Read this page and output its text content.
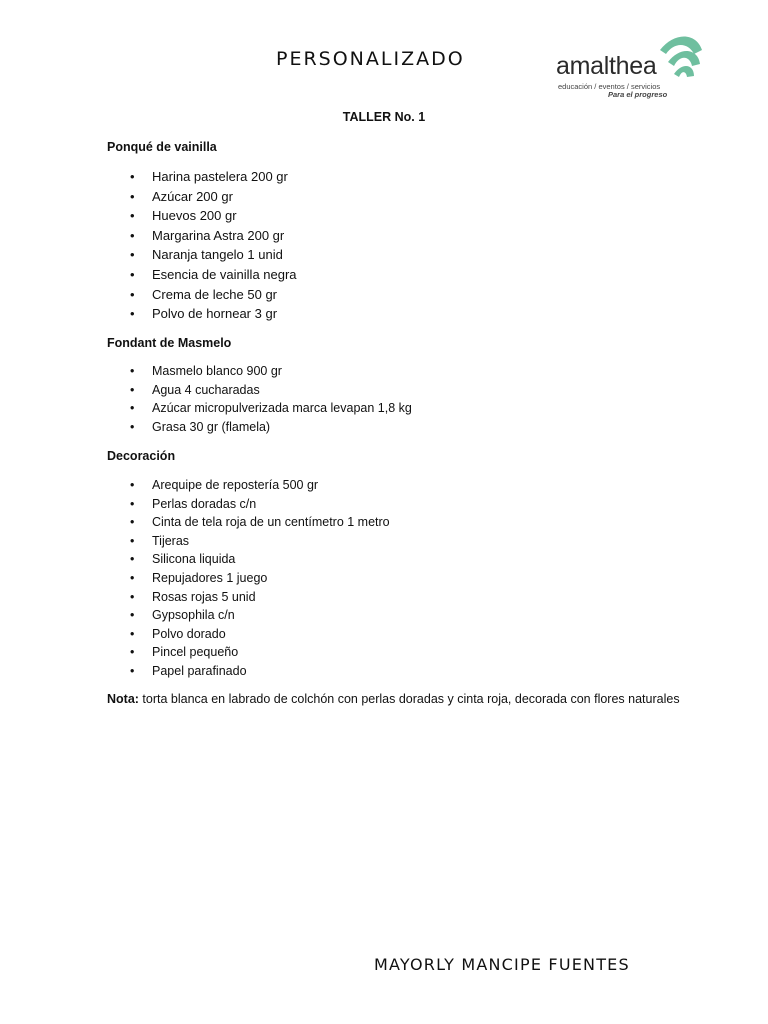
PERSONALIZADO	amalthea

educación / eventos / servicios
Para el progreso
TALLER No. 1
Ponqué de vainilla
• Harina pastelera 200 gr
• Azúcar 200 gr
• Huevos 200 gr
• Margarina Astra 200 gr
• Naranja tangelo 1 unid
• Esencia de vainilla negra
• Crema de leche 50 gr
• Polvo de hornear 3 gr
Fondant de Masmelo
• Masmelo blanco 900 gr
• Agua 4 cucharadas
• Azúcar micropulverizada marca levapan 1,8 kg
• Grasa 30 gr (flamela)
Decoración
• Arequipe de repostería 500 gr
• Perlas doradas c/n
• Cinta de tela roja de un centímetro 1 metro
• Tijeras
• Silicona liquida
• Repujadores 1 juego
• Rosas rojas 5 unid
• Gypsophila c/n
• Polvo dorado
• Pincel pequeño
• Papel parafinado

Nota: torta blanca en labrado de colchón con perlas doradas y cinta roja, decorada con flores naturales

MAYORLY MANCIPE FUENTES
